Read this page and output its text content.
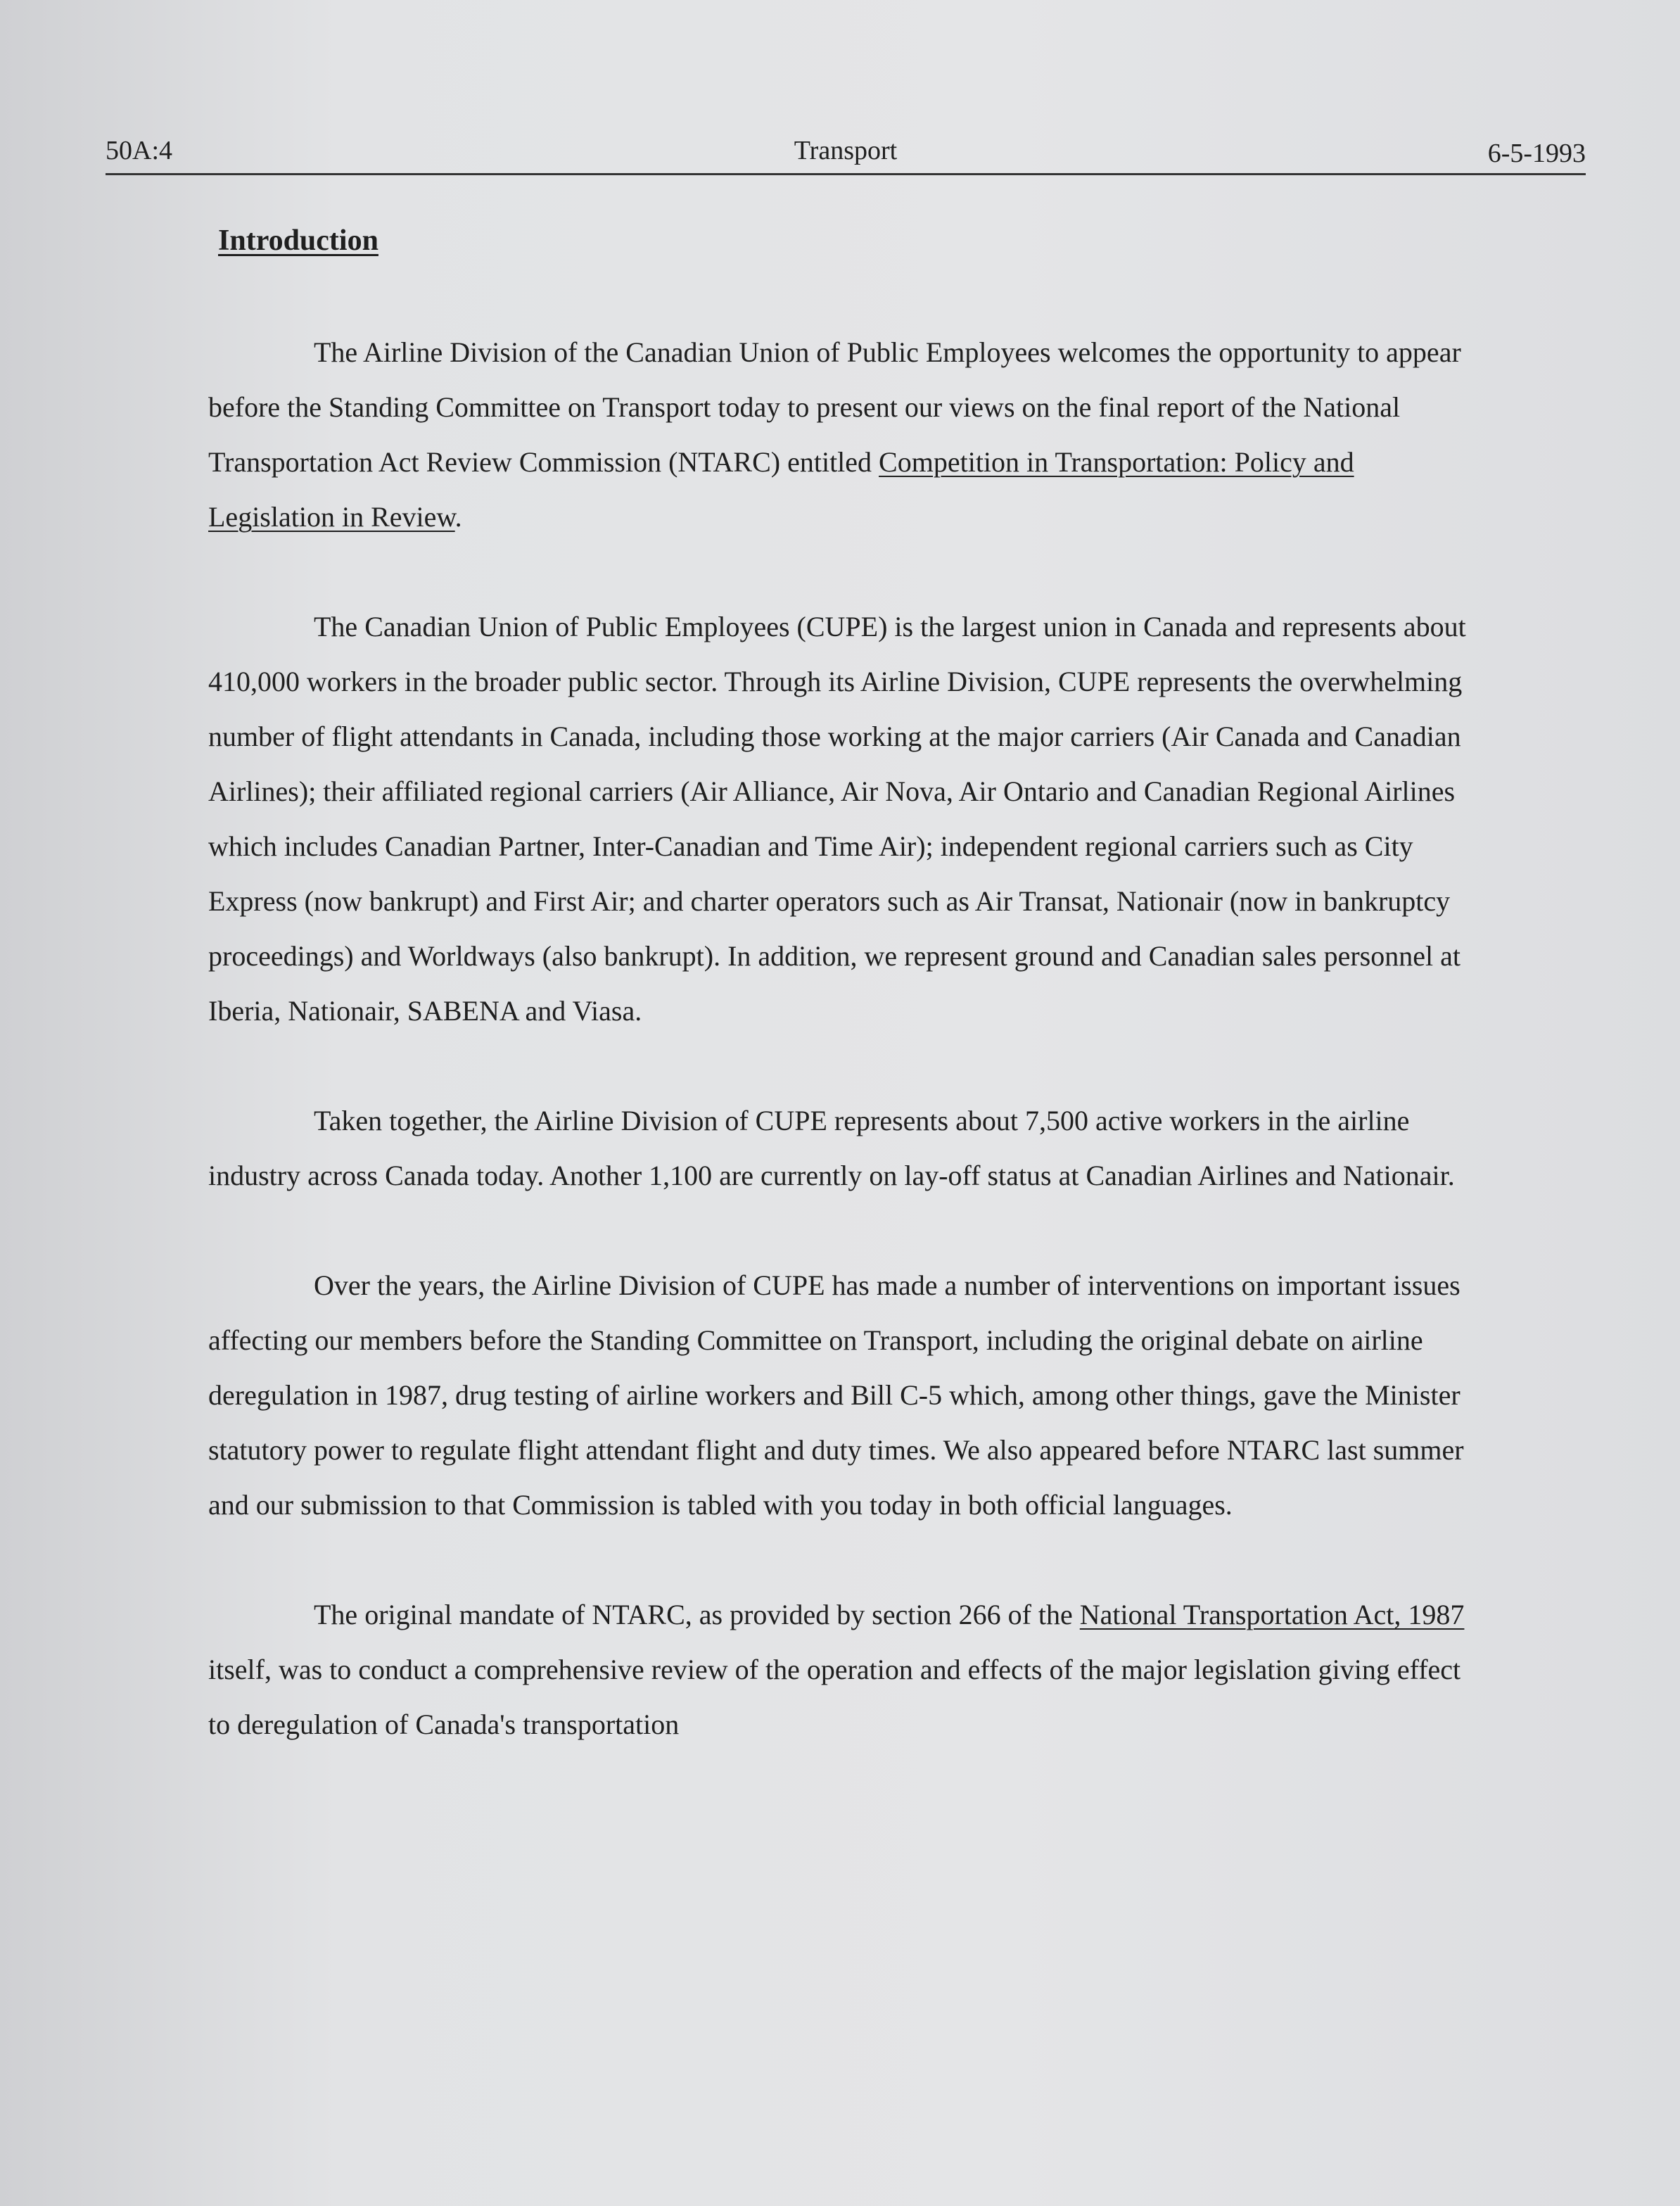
50A:4	Transport	6-5-1993
Introduction

The Airline Division of the Canadian Union of Public Employees welcomes the opportunity to appear before the Standing Committee on Transport today to present our views on the final report of the National Transportation Act Review Commission (NTARC) entitled Competition in Transportation: Policy and Legislation in Review.

The Canadian Union of Public Employees (CUPE) is the largest union in Canada and represents about 410,000 workers in the broader public sector. Through its Airline Division, CUPE represents the overwhelming number of flight attendants in Canada, including those working at the major carriers (Air Canada and Canadian Airlines); their affiliated regional carriers (Air Alliance, Air Nova, Air Ontario and Canadian Regional Airlines which includes Canadian Partner, Inter-Canadian and Time Air); independent regional carriers such as City Express (now bankrupt) and First Air; and charter operators such as Air Transat, Nationair (now in bankruptcy proceedings) and Worldways (also bankrupt). In addition, we represent ground and Canadian sales personnel at Iberia, Nationair, SABENA and Viasa.

Taken together, the Airline Division of CUPE represents about 7,500 active workers in the airline industry across Canada today. Another 1,100 are currently on lay-off status at Canadian Airlines and Nationair.

Over the years, the Airline Division of CUPE has made a number of interventions on important issues affecting our members before the Standing Committee on Transport, including the original debate on airline deregulation in 1987, drug testing of airline workers and Bill C-5 which, among other things, gave the Minister statutory power to regulate flight attendant flight and duty times. We also appeared before NTARC last summer and our submission to that Commission is tabled with you today in both official languages.

The original mandate of NTARC, as provided by section 266 of the National Transportation Act, 1987 itself, was to conduct a comprehensive review of the operation and effects of the major legislation giving effect to deregulation of Canada's transportation
